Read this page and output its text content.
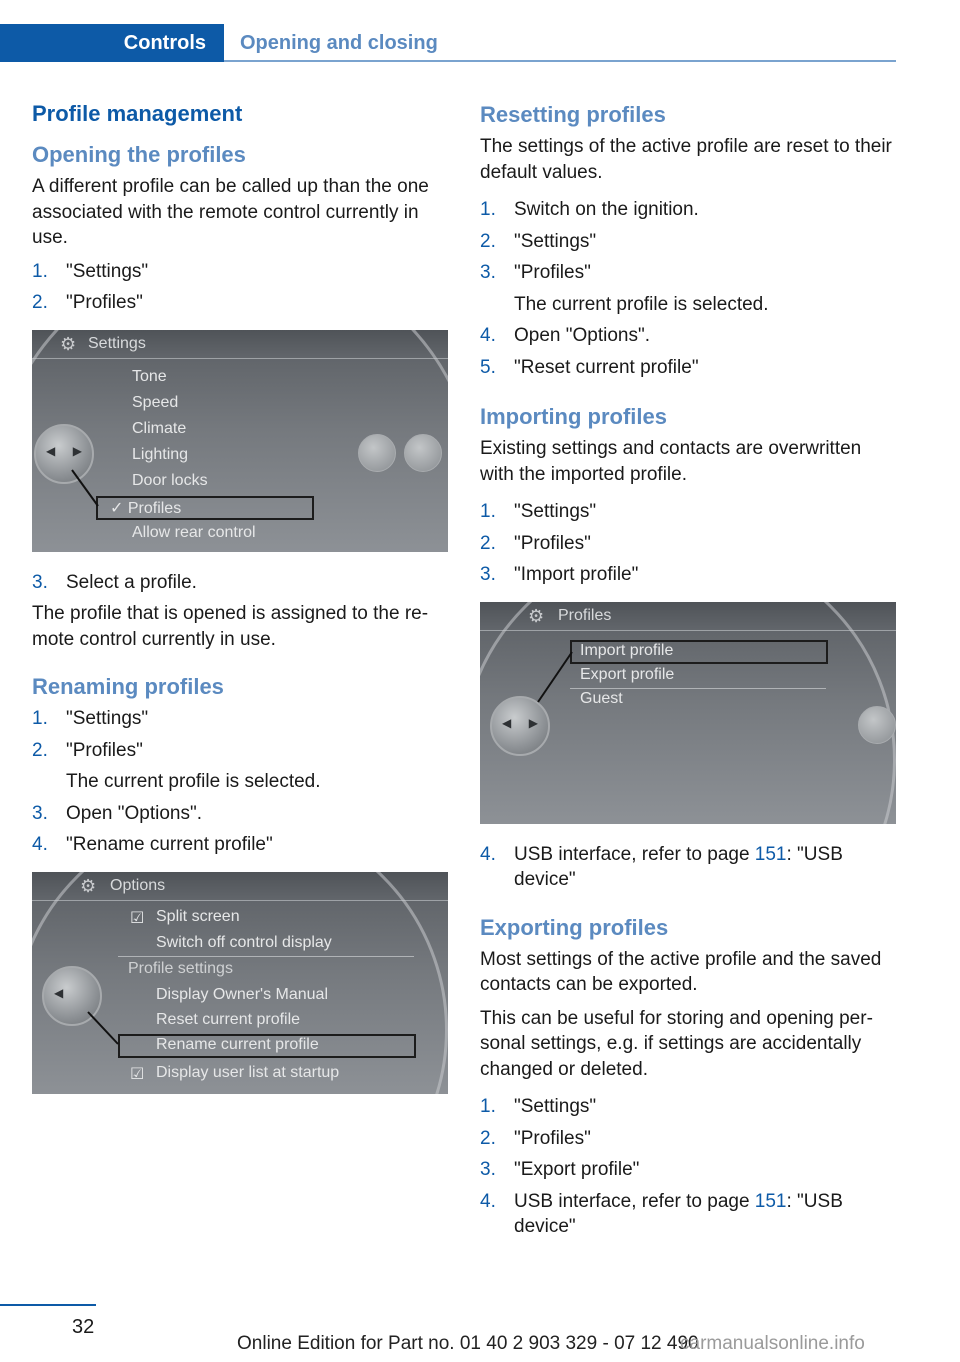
Controls	Opening and closing
Profile management
Opening the profiles

A different profile can be called up than the one associated with the remote control currently in use.

1. "Settings"
2. "Profiles"
⚙ Settings
Tone
Speed
Climate
Lighting
Door locks
✓ Profiles
Allow rear control
◀ ▶
3. Select a profile.

The profile that is opened is assigned to the re-mote control currently in use.

Renaming profiles
1. "Settings"
2. "Profiles"
The current profile is selected.
3. Open "Options".
4. "Rename current profile"
⚙ Options
☑ Split screen
Switch off control display
Profile settings
Display Owner's Manual
Reset current profile
Rename current profile
☑ Display user list at startup
◀
Resetting profiles

The settings of the active profile are reset to their default values.

1. Switch on the ignition.
2. "Settings"
3. "Profiles"
The current profile is selected.
4. Open "Options".
5. "Reset current profile"
Importing profiles

Existing settings and contacts are overwritten with the imported profile.

1. "Settings"
2. "Profiles"
3. "Import profile"
⚙ Profiles
Import profile
Export profile
Guest
◀ ▶
4. USB interface, refer to page 151: "USB device"
Exporting profiles

Most settings of the active profile and the saved contacts can be exported.

This can be useful for storing and opening per-sonal settings, e.g. if settings are accidentally changed or deleted.

1. "Settings"
2. "Profiles"
3. "Export profile"
4. USB interface, refer to page 151: "USB device"
32
Online Edition for Part no. 01 40 2 903 329 - 07 12 490
carmanualsonline.info
